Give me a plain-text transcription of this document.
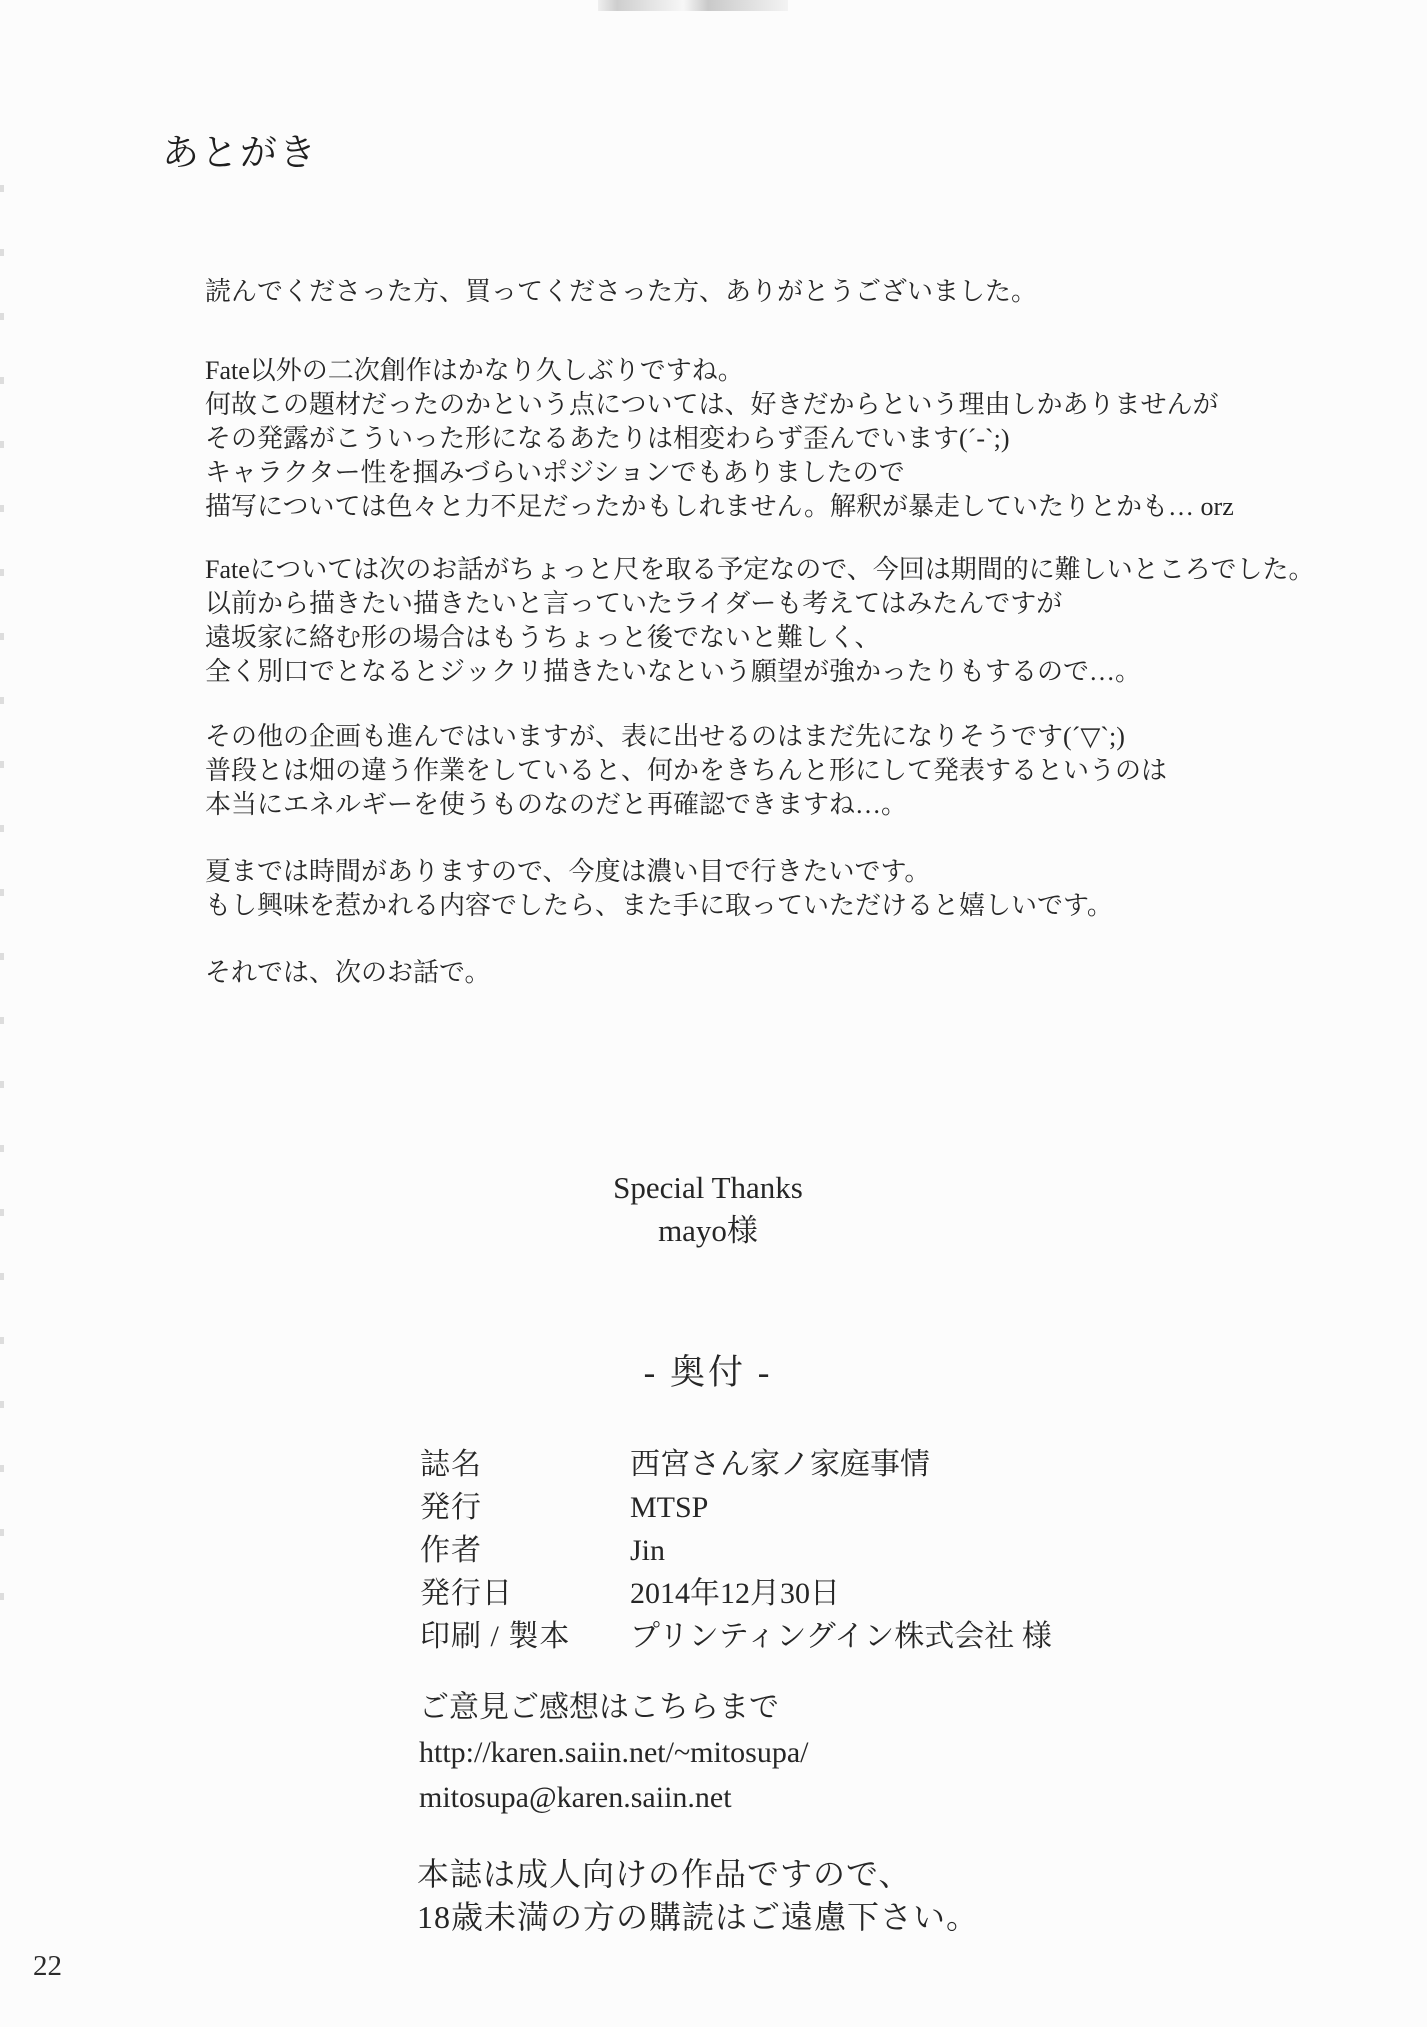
あとがき
読んでくださった方、買ってくださった方、ありがとうございました。
Fate以外の二次創作はかなり久しぶりですね。
何故この題材だったのかという点については、好きだからという理由しかありませんが
その発露がこういった形になるあたりは相変わらず歪んでいます(´-`;)
キャラクター性を掴みづらいポジションでもありましたので
描写については色々と力不足だったかもしれません。解釈が暴走していたりとかも… orz
Fateについては次のお話がちょっと尺を取る予定なので、今回は期間的に難しいところでした。
以前から描きたい描きたいと言っていたライダーも考えてはみたんですが
遠坂家に絡む形の場合はもうちょっと後でないと難しく、
全く別口でとなるとジックリ描きたいなという願望が強かったりもするので…。
その他の企画も進んではいますが、表に出せるのはまだ先になりそうです(´▽`;)
普段とは畑の違う作業をしていると、何かをきちんと形にして発表するというのは
本当にエネルギーを使うものなのだと再確認できますね…。
夏までは時間がありますので、今度は濃い目で行きたいです。
もし興味を惹かれる内容でしたら、また手に取っていただけると嬉しいです。
それでは、次のお話で。
Special Thanks
mayo様
- 奥付 -
誌名	西宮さん家ノ家庭事情
発行	MTSP
作者	Jin
発行日	2014年12月30日
印刷 / 製本	プリンティングイン株式会社 様
ご意見ご感想はこちらまで
http://karen.saiin.net/~mitosupa/
mitosupa@karen.saiin.net
本誌は成人向けの作品ですので、
18歳未満の方の購読はご遠慮下さい。
22
